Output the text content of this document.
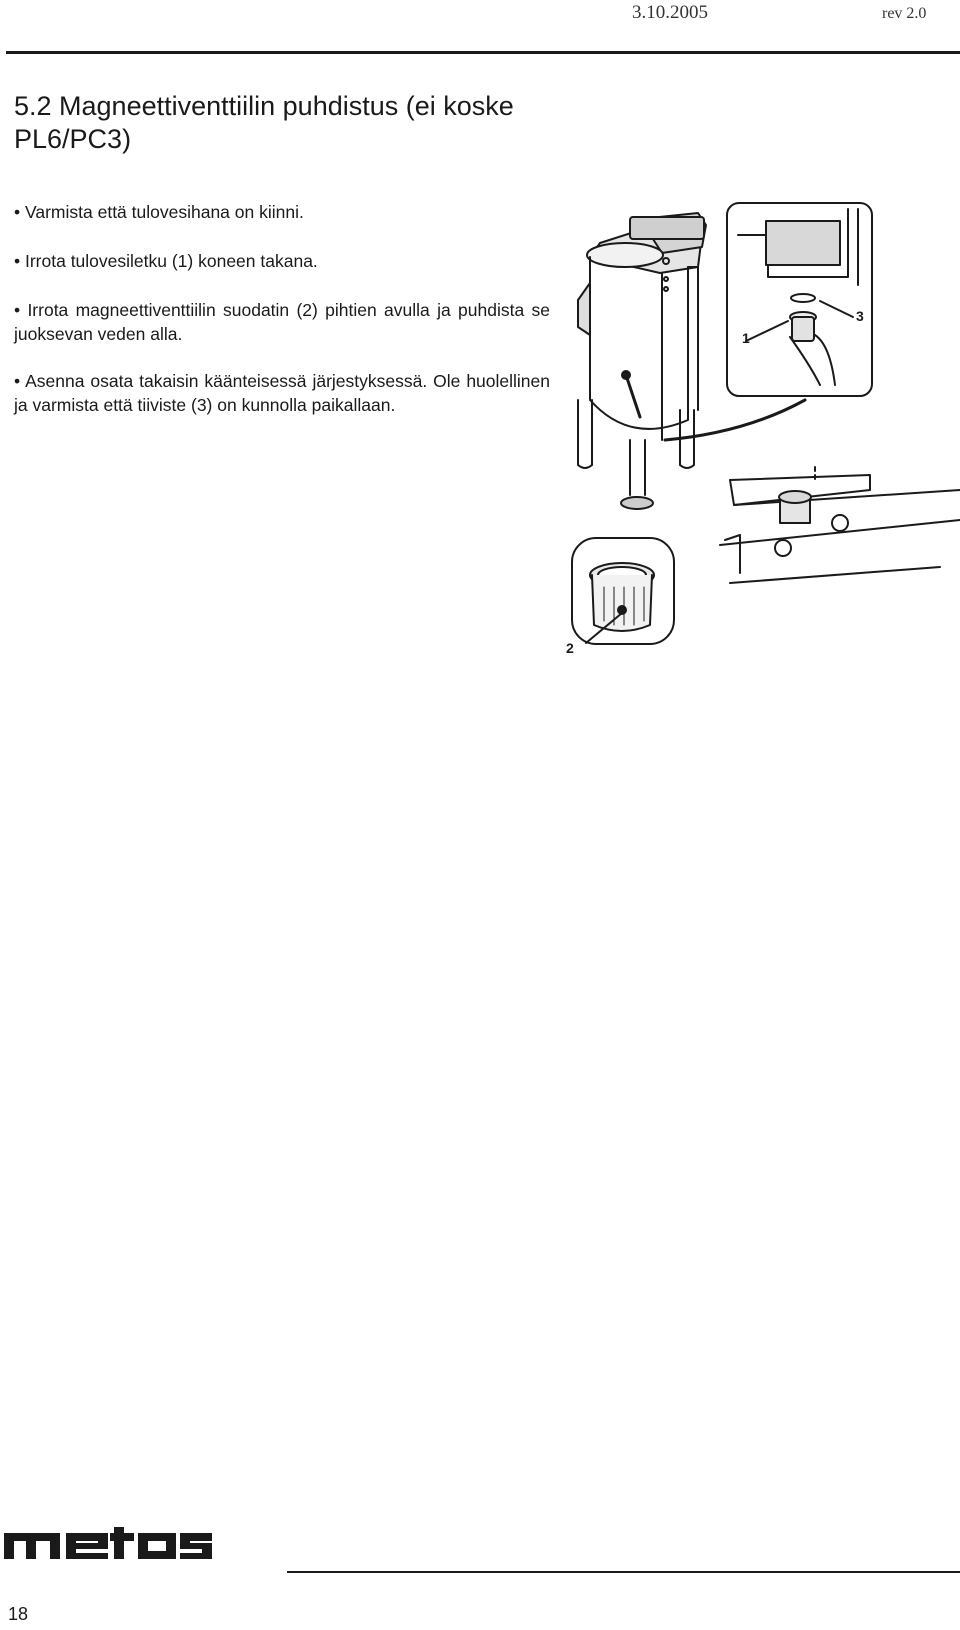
3.10.2005	rev 2.0
5.2 Magneettiventtiilin puhdistus (ei koske PL6/PC3)
• Varmista että tulovesihana on kiinni.
• Irrota tulovesiletku (1) koneen takana.
• Irrota magneettiventtiilin suodatin (2) pihtien avulla ja puhdista se juoksevan veden alla.
• Asenna osata takaisin käänteisessä järjestyksessä. Ole huolellinen ja varmista että tiiviste (3) on kunnolla paikallaan.
1
2
3
18
